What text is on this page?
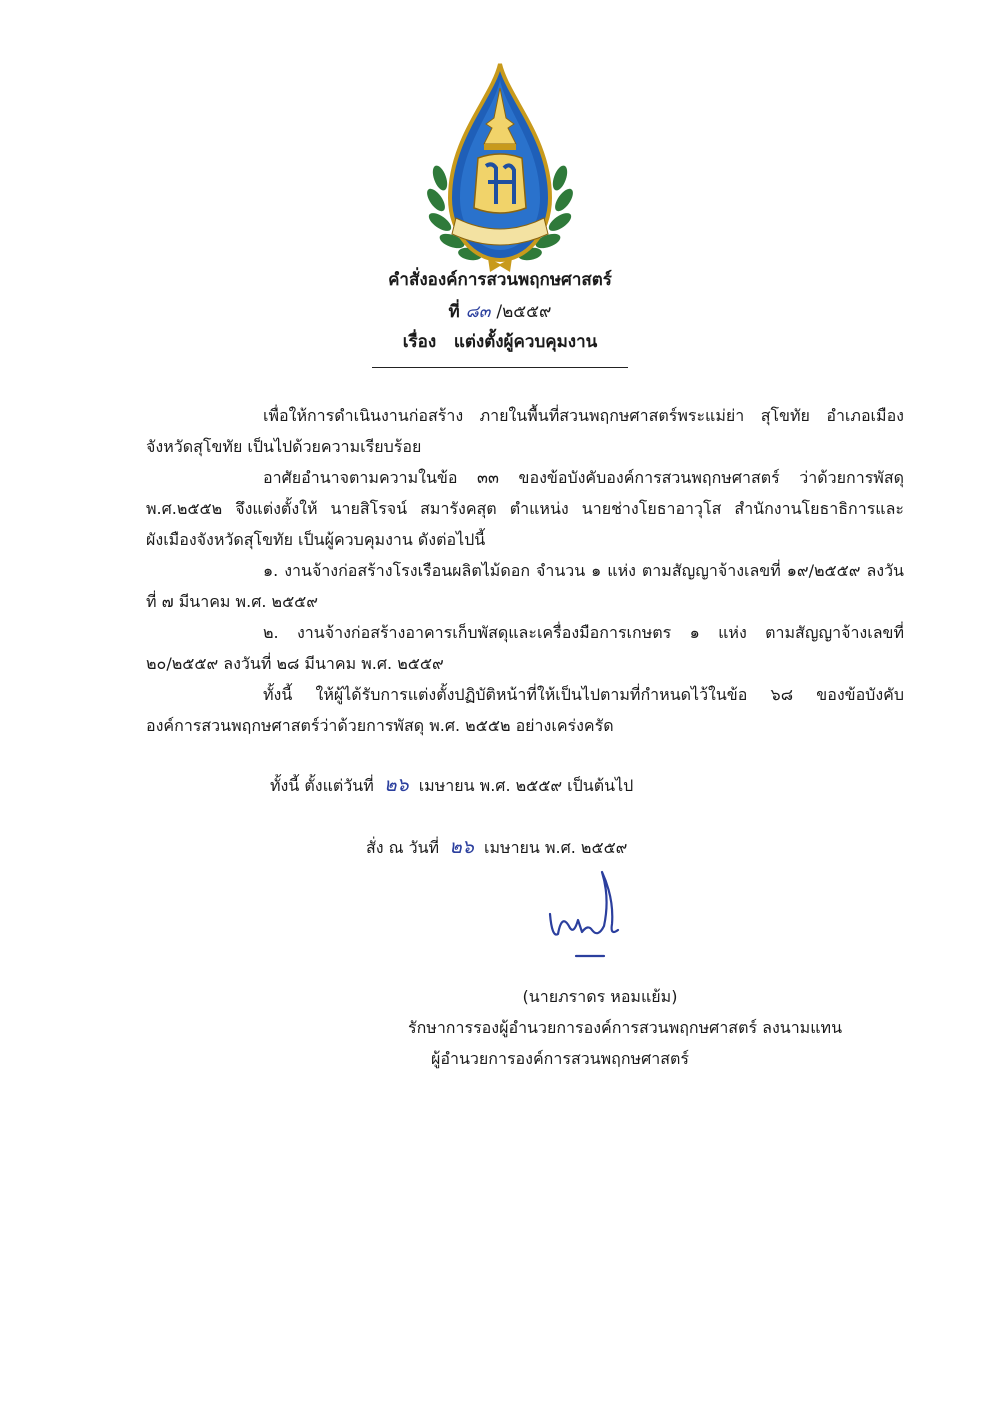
คำสั่งองค์การสวนพฤกษศาสตร์
ที่ ๘๓ /๒๕๕๙
เรื่อง แต่งตั้งผู้ควบคุมงาน

เพื่อให้การดำเนินงานก่อสร้าง ภายในพื้นที่สวนพฤกษศาสตร์พระแม่ย่า สุโขทัย อำเภอเมือง จังหวัดสุโขทัย เป็นไปด้วยความเรียบร้อย

อาศัยอำนาจตามความในข้อ ๓๓ ของข้อบังคับองค์การสวนพฤกษศาสตร์ ว่าด้วยการพัสดุ พ.ศ.๒๕๕๒ จึงแต่งตั้งให้ นายสิโรจน์ สมารังคสุต ตำแหน่ง นายช่างโยธาอาวุโส สำนักงานโยธาธิการและผังเมืองจังหวัดสุโขทัย เป็นผู้ควบคุมงาน ดังต่อไปนี้

๑. งานจ้างก่อสร้างโรงเรือนผลิตไม้ดอก จำนวน ๑ แห่ง ตามสัญญาจ้างเลขที่ ๑๙/๒๕๕๙ ลงวันที่ ๗ มีนาคม พ.ศ. ๒๕๕๙

๒. งานจ้างก่อสร้างอาคารเก็บพัสดุและเครื่องมือการเกษตร ๑ แห่ง ตามสัญญาจ้างเลขที่ ๒๐/๒๕๕๙ ลงวันที่ ๒๘ มีนาคม พ.ศ. ๒๕๕๙

ทั้งนี้ ให้ผู้ได้รับการแต่งตั้งปฏิบัติหน้าที่ให้เป็นไปตามที่กำหนดไว้ในข้อ ๖๘ ของข้อบังคับองค์การสวนพฤกษศาสตร์ว่าด้วยการพัสดุ พ.ศ. ๒๕๕๒ อย่างเคร่งครัด

ทั้งนี้ ตั้งแต่วันที่ ๒๖ เมษายน พ.ศ. ๒๕๕๙ เป็นต้นไป
สั่ง ณ วันที่ ๒๖ เมษายน พ.ศ. ๒๕๕๙
(นายภราดร หอมแย้ม)
รักษาการรองผู้อำนวยการองค์การสวนพฤกษศาสตร์ ลงนามแทน
ผู้อำนวยการองค์การสวนพฤกษศาสตร์
